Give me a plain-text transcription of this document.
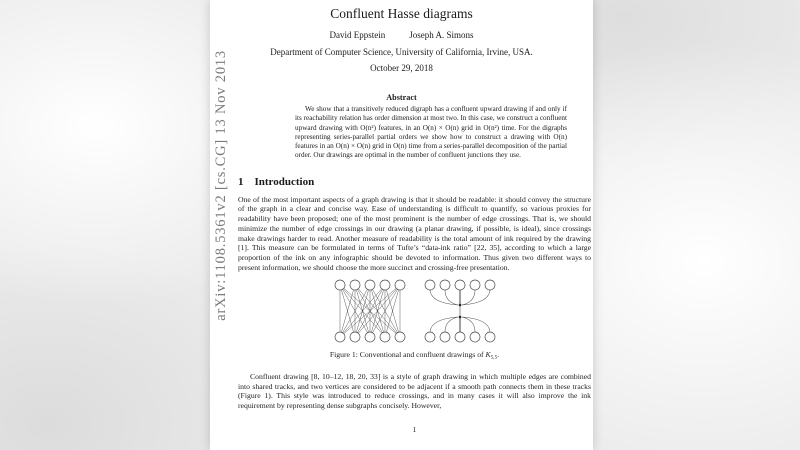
arXiv:1108.5361v2 [cs.CG] 13 Nov 2013
Confluent Hasse diagrams
David Eppstein	Joseph A. Simons
Department of Computer Science, University of California, Irvine, USA.
October 29, 2018
Abstract
We show that a transitively reduced digraph has a confluent upward drawing if and only if its reachability relation has order dimension at most two. In this case, we construct a confluent upward drawing with O(n²) features, in an O(n) × O(n) grid in O(n²) time. For the digraphs representing series-parallel partial orders we show how to construct a drawing with O(n) features in an O(n) × O(n) grid in O(n) time from a series-parallel decomposition of the partial order. Our drawings are optimal in the number of confluent junctions they use.
1 Introduction
One of the most important aspects of a graph drawing is that it should be readable: it should convey the structure of the graph in a clear and concise way. Ease of understanding is difficult to quantify, so various proxies for readability have been proposed; one of the most prominent is the number of edge crossings. That is, we should minimize the number of edge crossings in our drawing (a planar drawing, if possible, is ideal), since crossings make drawings harder to read. Another measure of readability is the total amount of ink required by the drawing [1]. This measure can be formulated in terms of Tufte’s “data-ink ratio” [22, 35], according to which a large proportion of the ink on any infographic should be devoted to information. Thus given two different ways to present information, we should choose the more succinct and crossing-free presentation.
Figure 1: Conventional and confluent drawings of $K_{5,5}$.
Confluent drawing [8, 10–12, 18, 20, 33] is a style of graph drawing in which multiple edges are combined into shared tracks, and two vertices are considered to be adjacent if a smooth path connects them in these tracks (Figure 1). This style was introduced to reduce crossings, and in many cases it will also improve the ink requirement by representing dense subgraphs concisely. However,
1
